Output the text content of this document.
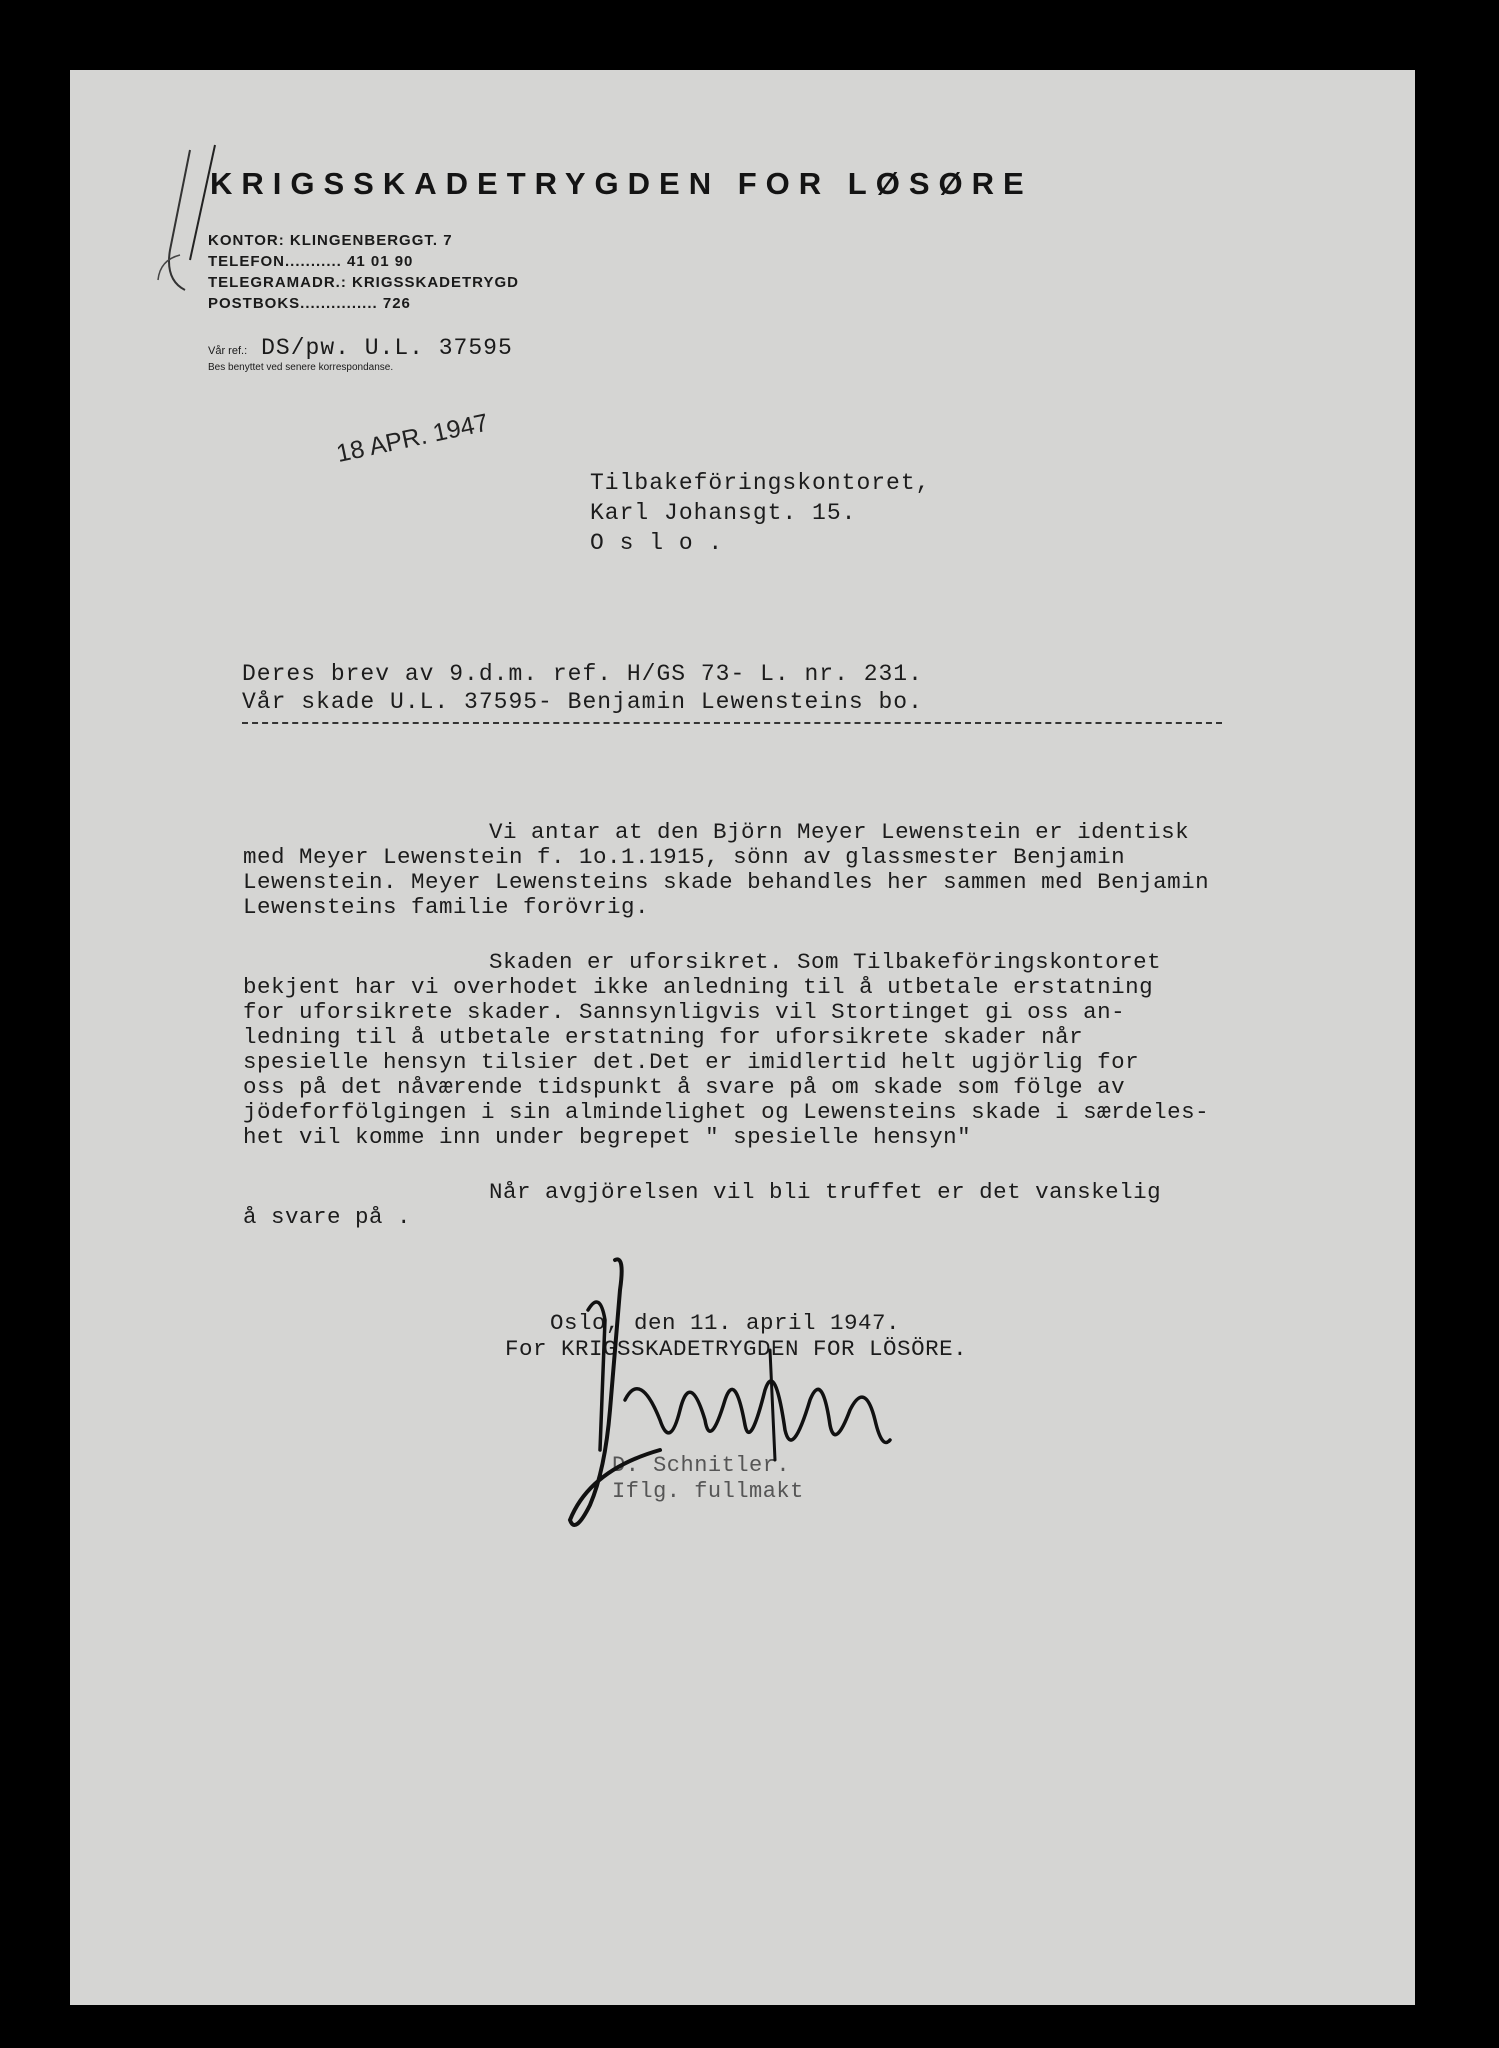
KRIGSSKADETRYGDEN FOR LØSØRE
KONTOR: KLINGENBERGGT. 7
TELEFON........... 41 01 90
TELEGRAMADR.: KRIGSSKADETRYGD
POSTBOKS............... 726
Vår ref.: DS/pw. U.L. 37595
Bes benyttet ved senere korrespondanse.
18 APR. 1947
Tilbakeföringskontoret,
Karl Johansgt. 15.
O s l o .
Deres brev av 9.d.m. ref. H/GS 73- L. nr. 231.
Vår skade U.L. 37595- Benjamin Lewensteins bo.
Vi antar at den Björn Meyer Lewenstein er identisk
med Meyer Lewenstein f. 1o.1.1915, sönn av glassmester Benjamin
Lewenstein. Meyer Lewensteins skade behandles her sammen med Benjamin
Lewensteins familie forövrig.
Skaden er uforsikret. Som Tilbakeföringskontoret
bekjent har vi overhodet ikke anledning til å utbetale erstatning
for uforsikrete skader. Sannsynligvis vil Stortinget gi oss an-
ledning til å utbetale erstatning for uforsikrete skader når
spesielle hensyn tilsier det.Det er imidlertid helt ugjörlig for
oss på det nåværende tidspunkt å svare på om skade som fölge av
jödeforfölgingen i sin almindelighet og Lewensteins skade i særdeles-
het vil komme inn under begrepet " spesielle hensyn"
Når avgjörelsen vil bli truffet er det vanskelig
å svare på .
Oslo, den 11. april 1947.
For KRIGSSKADETRYGDEN FOR LÖSÖRE.
D. Schnitler.
Iflg. fullmakt
